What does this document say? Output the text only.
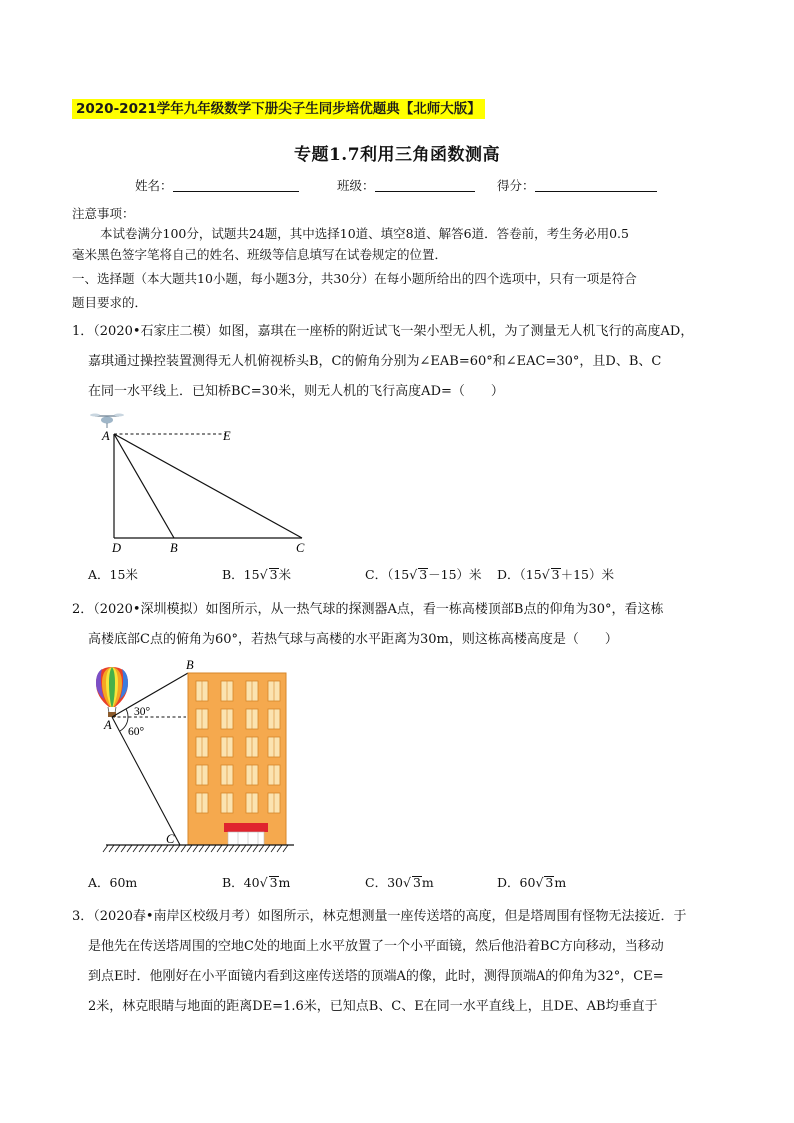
2020-2021学年九年级数学下册尖子生同步培优题典【北师大版】
专题1.7利用三角函数测高
姓名：	班级：	得分：
注意事项：
本试卷满分100分，试题共24题，其中选择10道、填空8道、解答6道．答卷前，考生务必用0.5
毫米黑色签字笔将自己的姓名、班级等信息填写在试卷规定的位置．
一、选择题（本大题共10小题，每小题3分，共30分）在每小题所给出的四个选项中，只有一项是符合
题目要求的．
1．（2020•石家庄二模）如图，嘉琪在一座桥的附近试飞一架小型无人机，为了测量无人机飞行的高度AD，
嘉琪通过操控装置测得无人机俯视桥头B，C的俯角分别为∠EAB=60°和∠EAC=30°，且D、B、C
在同一水平线上．已知桥BC=30米，则无人机的飞行高度AD=（　　）
A	E
D	B	C
A．15米	B．15√ 3米	C．（15√ 3－15）米 D．（15√ 3＋15）米
2．（2020•深圳模拟）如图所示，从一热气球的探测器A点，看一栋高楼顶部B点的仰角为30°，看这栋
高楼底部C点的俯角为60°，若热气球与高楼的水平距离为30m，则这栋高楼高度是（　　）
30°
60°
A
B
C
A．60m	B．40√ 3m	C．30√ 3m	D．60√ 3m
3．（2020春•南岸区校级月考）如图所示，林克想测量一座传送塔的高度，但是塔周围有怪物无法接近．于
是他先在传送塔周围的空地C处的地面上水平放置了一个小平面镜，然后他沿着BC方向移动，当移动
到点E时．他刚好在小平面镜内看到这座传送塔的顶端A的像，此时，测得顶端A的仰角为32°，CE=
2米，林克眼睛与地面的距离DE=1.6米，已知点B、C、E在同一水平直线上，且DE、AB均垂直于
